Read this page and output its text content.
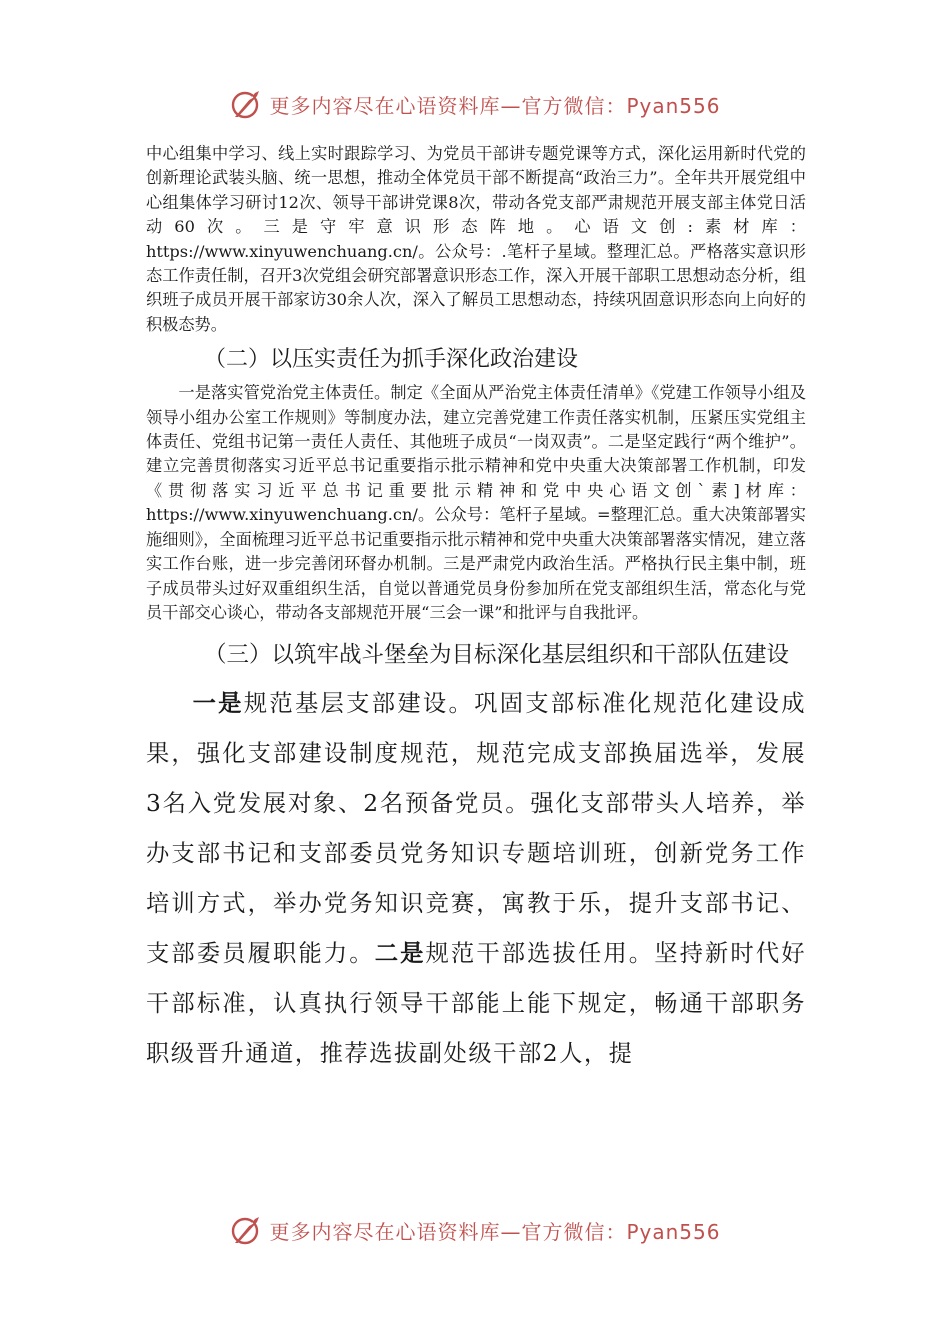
更多内容尽在心语资料库—官方微信：Pyan556

中心组集中学习、线上实时跟踪学习、为党员干部讲专题党课等方式，深化运用新时代党的创新理论武装头脑、统一思想，推动全体党员干部不断提高“政治三力”。全年共开展党组中心组集体学习研讨12次、领导干部讲党课8次，带动各党支部严肃规范开展支部主体党日活动60次。三是守牢意识形态阵地。心语文创:素材库：https://www.xinyuwenchuang.cn/。公众号：.笔杆子星域。整理汇总。严格落实意识形态工作责任制，召开3次党组会研究部署意识形态工作，深入开展干部职工思想动态分析，组织班子成员开展干部家访30余人次，深入了解员工思想动态，持续巩固意识形态向上向好的积极态势。

（二）以压实责任为抓手深化政治建设

一是落实管党治党主体责任。制定《全面从严治党主体责任清单》《党建工作领导小组及领导小组办公室工作规则》等制度办法，建立完善党建工作责任落实机制，压紧压实党组主体责任、党组书记第一责任人责任、其他班子成员“一岗双责”。二是坚定践行“两个维护”。建立完善贯彻落实习近平总书记重要指示批示精神和党中央重大决策部署工作机制，印发《贯彻落实习近平总书记重要批示精神和党中央心语文创`素]材库：https://www.xinyuwenchuang.cn/。公众号：笔杆子星域。=整理汇总。重大决策部署实施细则》，全面梳理习近平总书记重要指示批示精神和党中央重大决策部署落实情况，建立落实工作台账，进一步完善闭环督办机制。三是严肃党内政治生活。严格执行民主集中制，班子成员带头过好双重组织生活，自觉以普通党员身份参加所在党支部组织生活，常态化与党员干部交心谈心，带动各支部规范开展“三会一课”和批评与自我批评。

（三）以筑牢战斗堡垒为目标深化基层组织和干部队伍建设

一是规范基层支部建设。巩固支部标准化规范化建设成果，强化支部建设制度规范，规范完成支部换届选举，发展3名入党发展对象、2名预备党员。强化支部带头人培养，举办支部书记和支部委员党务知识专题培训班，创新党务工作培训方式，举办党务知识竞赛，寓教于乐，提升支部书记、支部委员履职能力。二是规范干部选拔任用。坚持新时代好干部标准，认真执行领导干部能上能下规定，畅通干部职务职级晋升通道，推荐选拔副处级干部2人，提

更多内容尽在心语资料库—官方微信：Pyan556
